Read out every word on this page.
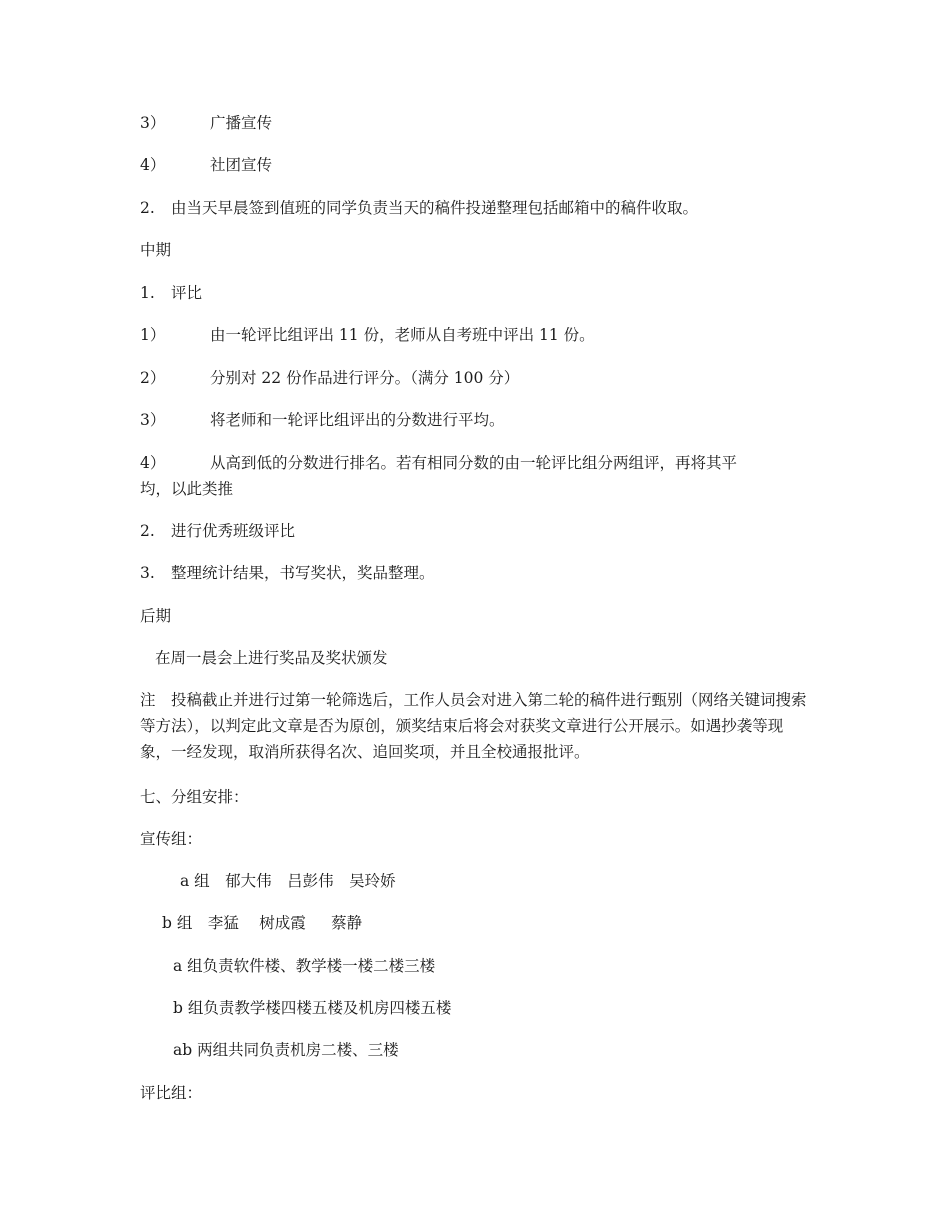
3）	广播宣传
4）	社团宣传
2. 由当天早晨签到值班的同学负责当天的稿件投递整理包括邮箱中的稿件收取。
中期
1. 评比
1）	由一轮评比组评出 11 份，老师从自考班中评出 11 份。
2）	分别对 22 份作品进行评分。（满分 100 分）
3）	将老师和一轮评比组评出的分数进行平均。
4）	从高到低的分数进行排名。若有相同分数的由一轮评比组分两组评，再将其平
均，以此类推
2. 进行优秀班级评比
3. 整理统计结果，书写奖状，奖品整理。
后期
在周一晨会上进行奖品及奖状颁发
注　投稿截止并进行过第一轮筛选后，工作人员会对进入第二轮的稿件进行甄别（网络关键词搜索等方法），以判定此文章是否为原创，颁奖结束后将会对获奖文章进行公开展示。如遇抄袭等现象，一经发现，取消所获得名次、追回奖项，并且全校通报批评。
七、分组安排：
宣传组：
a 组　郁大伟　吕彭伟　吴玲娇
b 组　李猛　 树成霞 　 蔡静
a 组负责软件楼、教学楼一楼二楼三楼
b 组负责教学楼四楼五楼及机房四楼五楼
ab 两组共同负责机房二楼、三楼
评比组：
